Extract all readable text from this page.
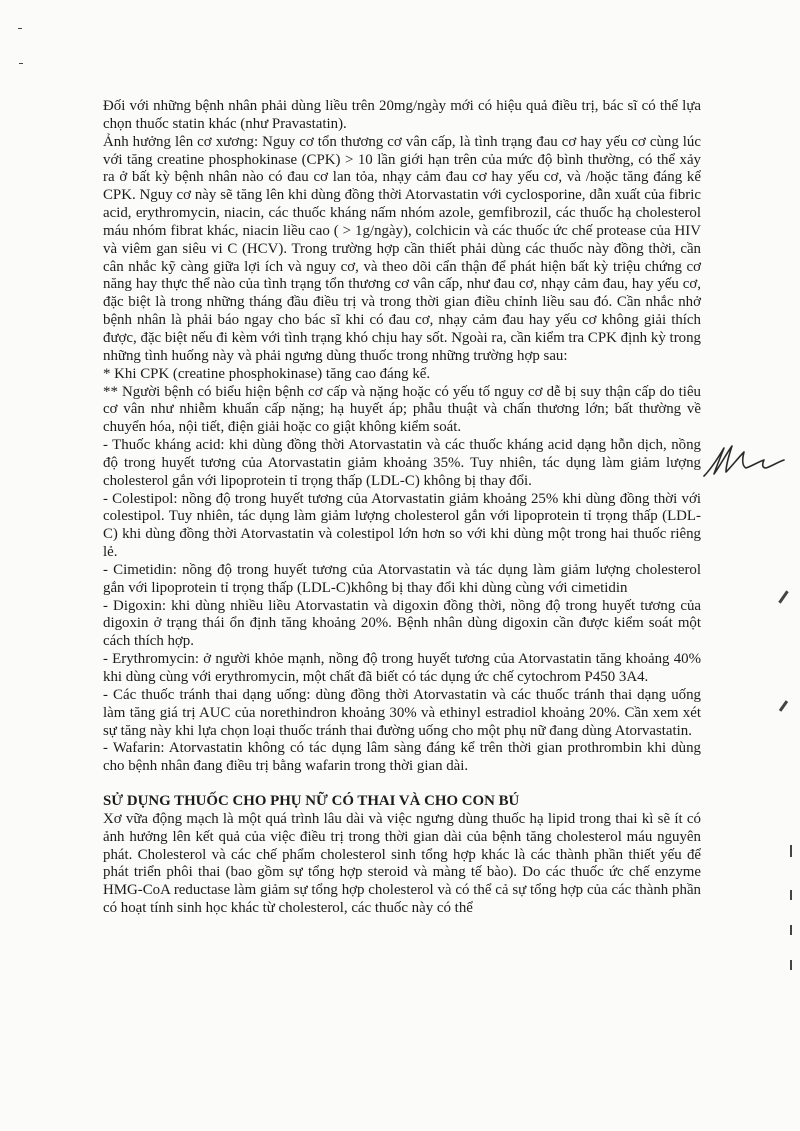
Đối với những bệnh nhân phải dùng liều trên 20mg/ngày mới có hiệu quả điều trị, bác sĩ có thể lựa chọn thuốc statin khác (như Pravastatin).

Ảnh hưởng lên cơ xương: Nguy cơ tổn thương cơ vân cấp, là tình trạng đau cơ hay yếu cơ cùng lúc với tăng creatine phosphokinase (CPK) > 10 lần giới hạn trên của mức độ bình thường, có thể xảy ra ở bất kỳ bệnh nhân nào có đau cơ lan tỏa, nhạy cảm đau cơ hay yếu cơ, và /hoặc tăng đáng kể CPK. Nguy cơ này sẽ tăng lên khi dùng đồng thời Atorvastatin với cyclosporine, dẫn xuất của fibric acid, erythromycin, niacin, các thuốc kháng nấm nhóm azole, gemfibrozil, các thuốc hạ cholesterol máu nhóm fibrat khác, niacin liều cao ( > 1g/ngày), colchicin và các thuốc ức chế protease của HIV và viêm gan siêu vi C (HCV). Trong trường hợp cần thiết phải dùng các thuốc này đồng thời, cần cân nhắc kỹ càng giữa lợi ích và nguy cơ, và theo dõi cẩn thận để phát hiện bất kỳ triệu chứng cơ năng hay thực thể nào của tình trạng tổn thương cơ vân cấp, như đau cơ, nhạy cảm đau, hay yếu cơ, đặc biệt là trong những tháng đầu điều trị và trong thời gian điều chỉnh liều sau đó. Cần nhắc nhở bệnh nhân là phải báo ngay cho bác sĩ khi có đau cơ, nhạy cảm đau hay yếu cơ không giải thích được, đặc biệt nếu đi kèm với tình trạng khó chịu hay sốt. Ngoài ra, cần kiểm tra CPK định kỳ trong những tình huống này và phải ngưng dùng thuốc trong những trường hợp sau:

* Khi CPK (creatine phosphokinase) tăng cao đáng kể.

** Người bệnh có biểu hiện bệnh cơ cấp và nặng hoặc có yếu tố nguy cơ dễ bị suy thận cấp do tiêu cơ vân như nhiễm khuẩn cấp nặng; hạ huyết áp; phẫu thuật và chấn thương lớn; bất thường về chuyển hóa, nội tiết, điện giải hoặc co giật không kiểm soát.

- Thuốc kháng acid: khi dùng đồng thời Atorvastatin và các thuốc kháng acid dạng hỗn dịch, nồng độ trong huyết tương của Atorvastatin giảm khoảng 35%. Tuy nhiên, tác dụng làm giảm lượng cholesterol gắn với lipoprotein tỉ trọng thấp (LDL-C) không bị thay đổi.

- Colestipol: nồng độ trong huyết tương của Atorvastatin giảm khoảng 25% khi dùng đồng thời với colestipol. Tuy nhiên, tác dụng làm giảm lượng cholesterol gắn với lipoprotein tỉ trọng thấp (LDL-C) khi dùng đồng thời Atorvastatin và colestipol lớn hơn so với khi dùng một trong hai thuốc riêng lẻ.

- Cimetidin: nồng độ trong huyết tương của Atorvastatin và tác dụng làm giảm lượng cholesterol gắn với lipoprotein tỉ trọng thấp (LDL-C)không bị thay đổi khi dùng cùng với cimetidin

- Digoxin: khi dùng nhiều liều Atorvastatin và digoxin đồng thời, nồng độ trong huyết tương của digoxin ở trạng thái ổn định tăng khoảng 20%. Bệnh nhân dùng digoxin cần được kiểm soát một cách thích hợp.

- Erythromycin: ở người khỏe mạnh, nồng độ trong huyết tương của Atorvastatin tăng khoảng 40% khi dùng cùng với erythromycin, một chất đã biết có tác dụng ức chế cytochrom P450 3A4.

- Các thuốc tránh thai dạng uống: dùng đồng thời Atorvastatin và các thuốc tránh thai dạng uống làm tăng giá trị AUC của norethindron khoảng 30% và ethinyl estradiol khoảng 20%. Cần xem xét sự tăng này khi lựa chọn loại thuốc tránh thai đường uống cho một phụ nữ đang dùng Atorvastatin.

- Wafarin: Atorvastatin không có tác dụng lâm sàng đáng kể trên thời gian prothrombin khi dùng cho bệnh nhân đang điều trị bằng wafarin trong thời gian dài.

SỬ DỤNG THUỐC CHO PHỤ NỮ CÓ THAI VÀ CHO CON BÚ

Xơ vữa động mạch là một quá trình lâu dài và việc ngưng dùng thuốc hạ lipid trong thai kì sẽ ít có ảnh hưởng lên kết quả của việc điều trị trong thời gian dài của bệnh tăng cholesterol máu nguyên phát. Cholesterol và các chế phẩm cholesterol sinh tổng hợp khác là các thành phần thiết yếu để phát triển phôi thai (bao gồm sự tổng hợp steroid và màng tế bào). Do các thuốc ức chế enzyme HMG-CoA reductase làm giảm sự tổng hợp cholesterol và có thể cả sự tổng hợp của các thành phần có hoạt tính sinh học khác từ cholesterol, các thuốc này có thể
